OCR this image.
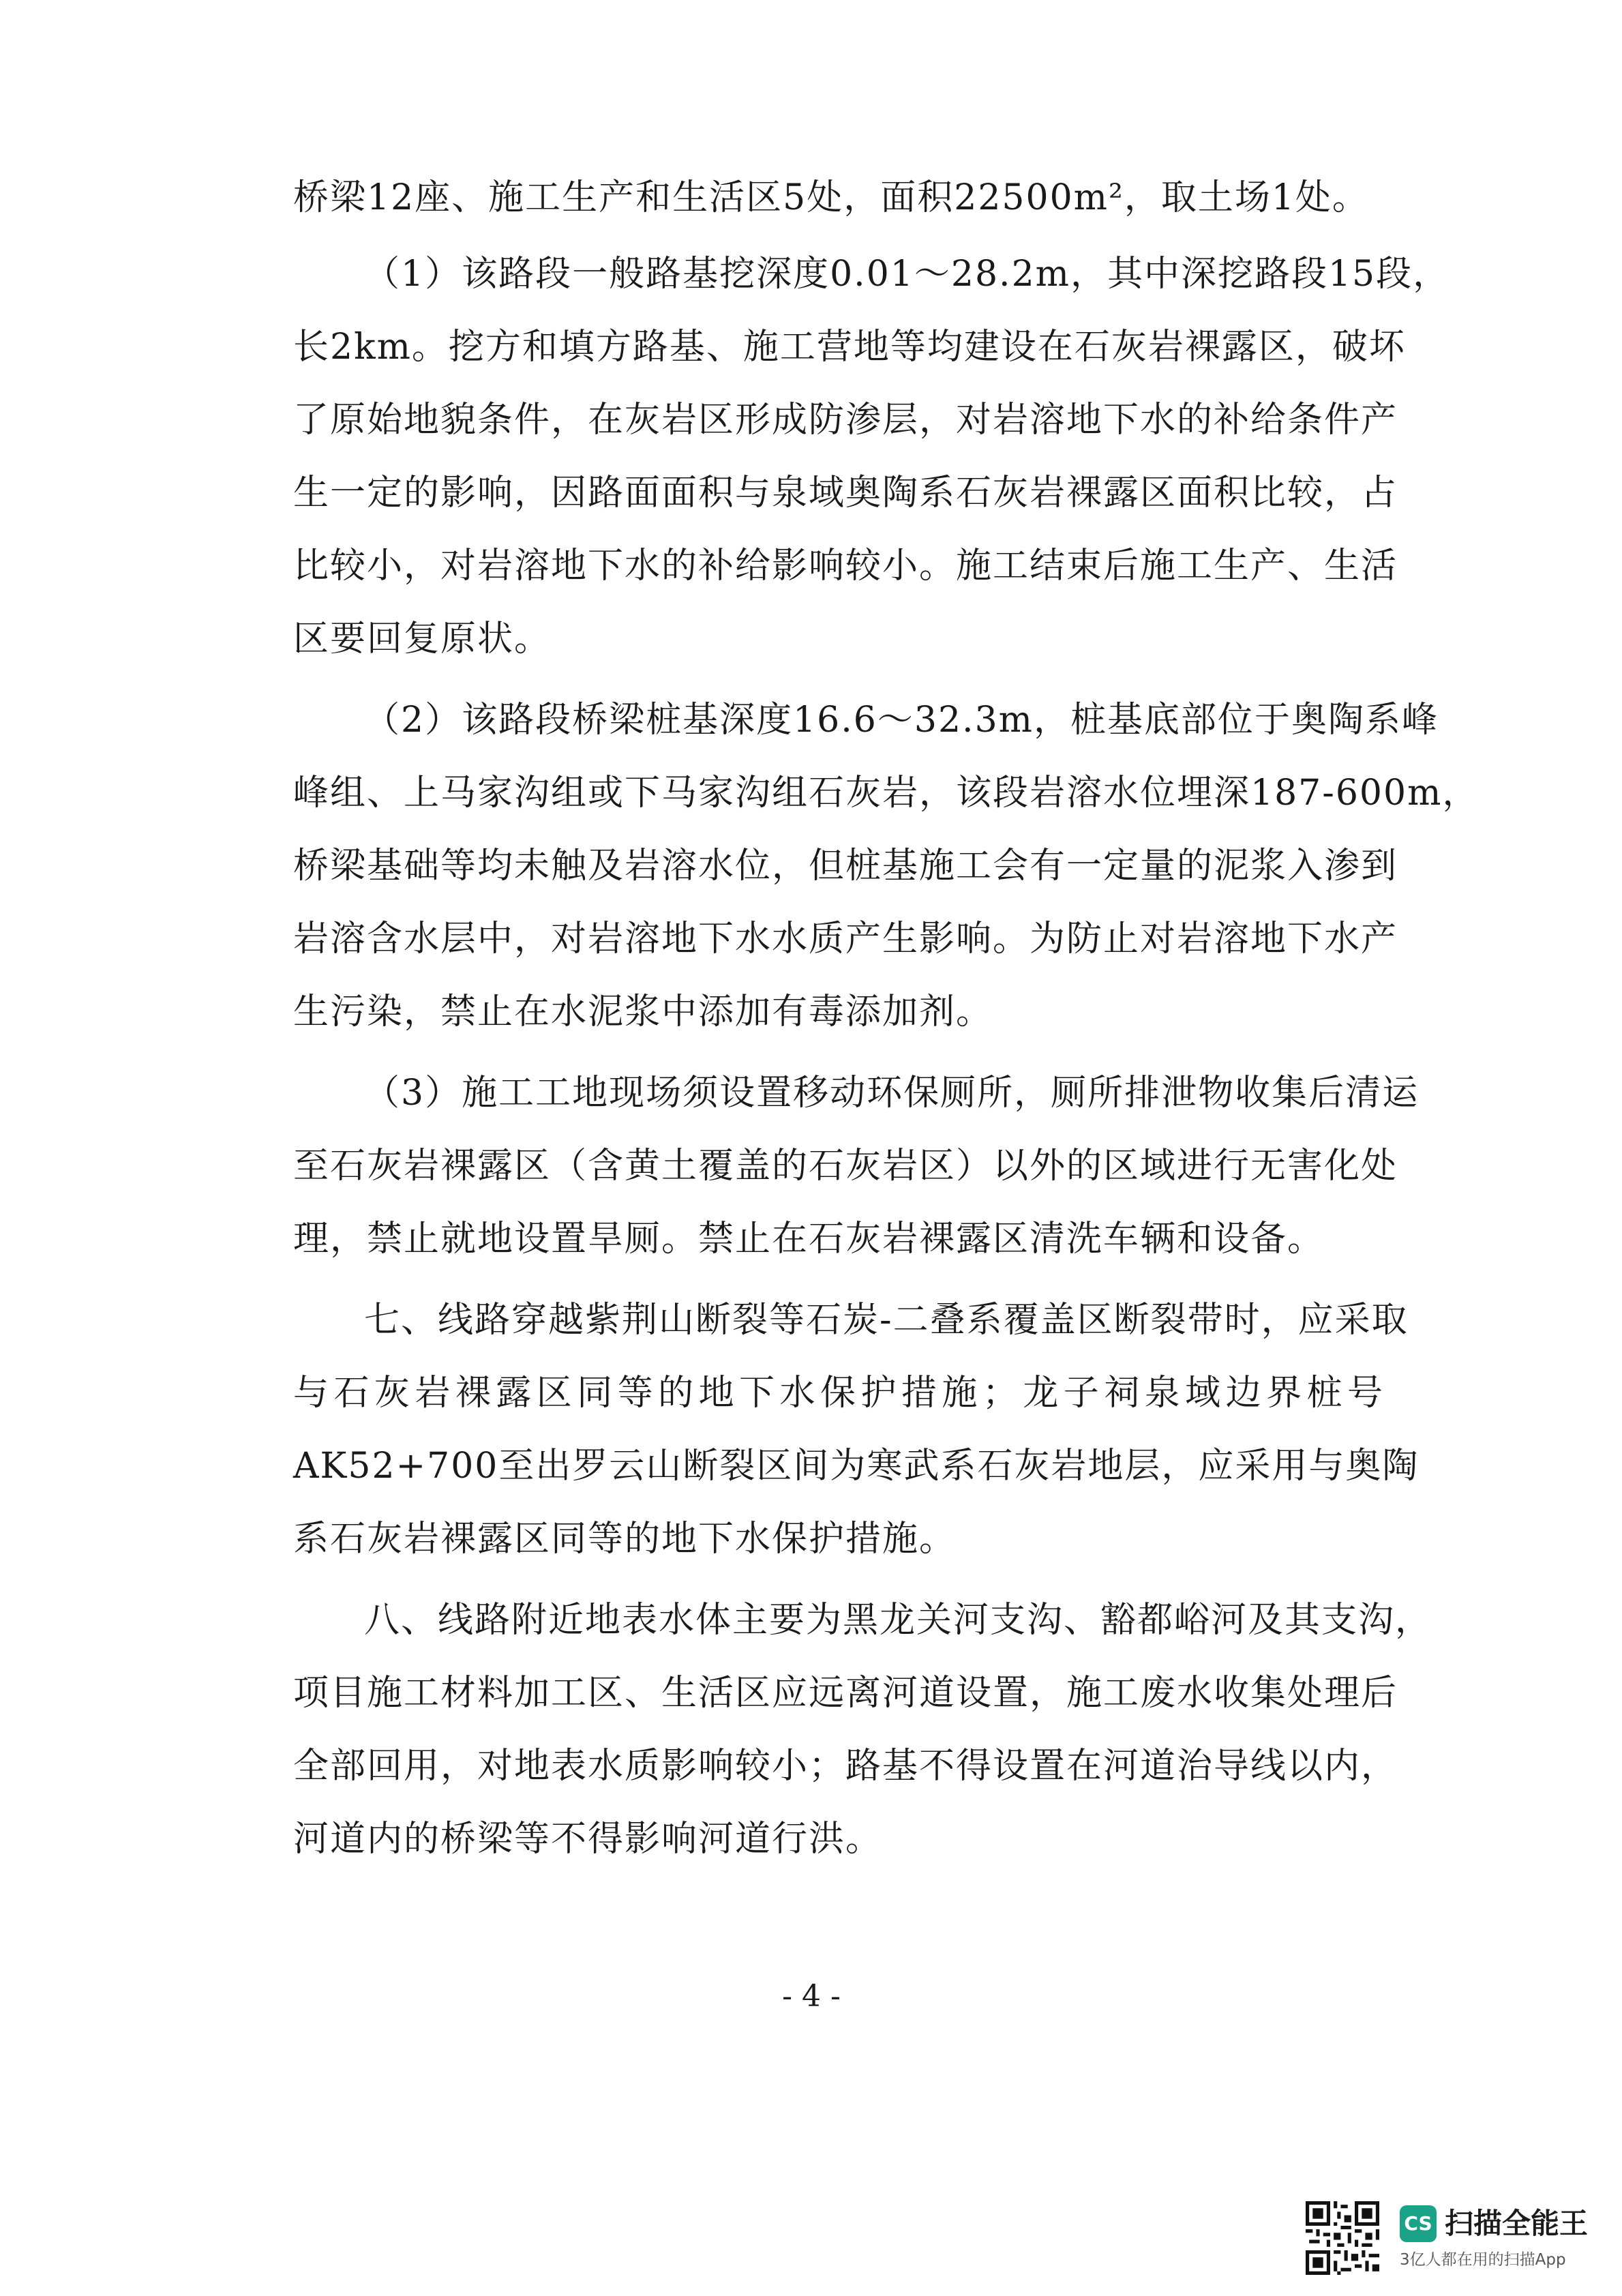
桥梁12座、施工生产和生活区5处，面积22500m²，取土场1处。
（1）该路段一般路基挖深度0.01～28.2m，其中深挖路段15段，
长2km。挖方和填方路基、施工营地等均建设在石灰岩裸露区，破坏
了原始地貌条件，在灰岩区形成防渗层，对岩溶地下水的补给条件产
生一定的影响，因路面面积与泉域奥陶系石灰岩裸露区面积比较，占
比较小，对岩溶地下水的补给影响较小。施工结束后施工生产、生活
区要回复原状。
（2）该路段桥梁桩基深度16.6～32.3m，桩基底部位于奥陶系峰
峰组、上马家沟组或下马家沟组石灰岩，该段岩溶水位埋深187-600m，
桥梁基础等均未触及岩溶水位，但桩基施工会有一定量的泥浆入渗到
岩溶含水层中，对岩溶地下水水质产生影响。为防止对岩溶地下水产
生污染，禁止在水泥浆中添加有毒添加剂。
（3）施工工地现场须设置移动环保厕所，厕所排泄物收集后清运
至石灰岩裸露区（含黄土覆盖的石灰岩区）以外的区域进行无害化处
理，禁止就地设置旱厕。禁止在石灰岩裸露区清洗车辆和设备。
七、线路穿越紫荆山断裂等石炭-二叠系覆盖区断裂带时，应采取
与石灰岩裸露区同等的地下水保护措施；龙子祠泉域边界桩号
AK52+700至出罗云山断裂区间为寒武系石灰岩地层，应采用与奥陶
系石灰岩裸露区同等的地下水保护措施。
八、线路附近地表水体主要为黑龙关河支沟、豁都峪河及其支沟，
项目施工材料加工区、生活区应远离河道设置，施工废水收集处理后
全部回用，对地表水质影响较小；路基不得设置在河道治导线以内，
河道内的桥梁等不得影响河道行洪。
- 4 -
CS 扫描全能王
3亿人都在用的扫描App
